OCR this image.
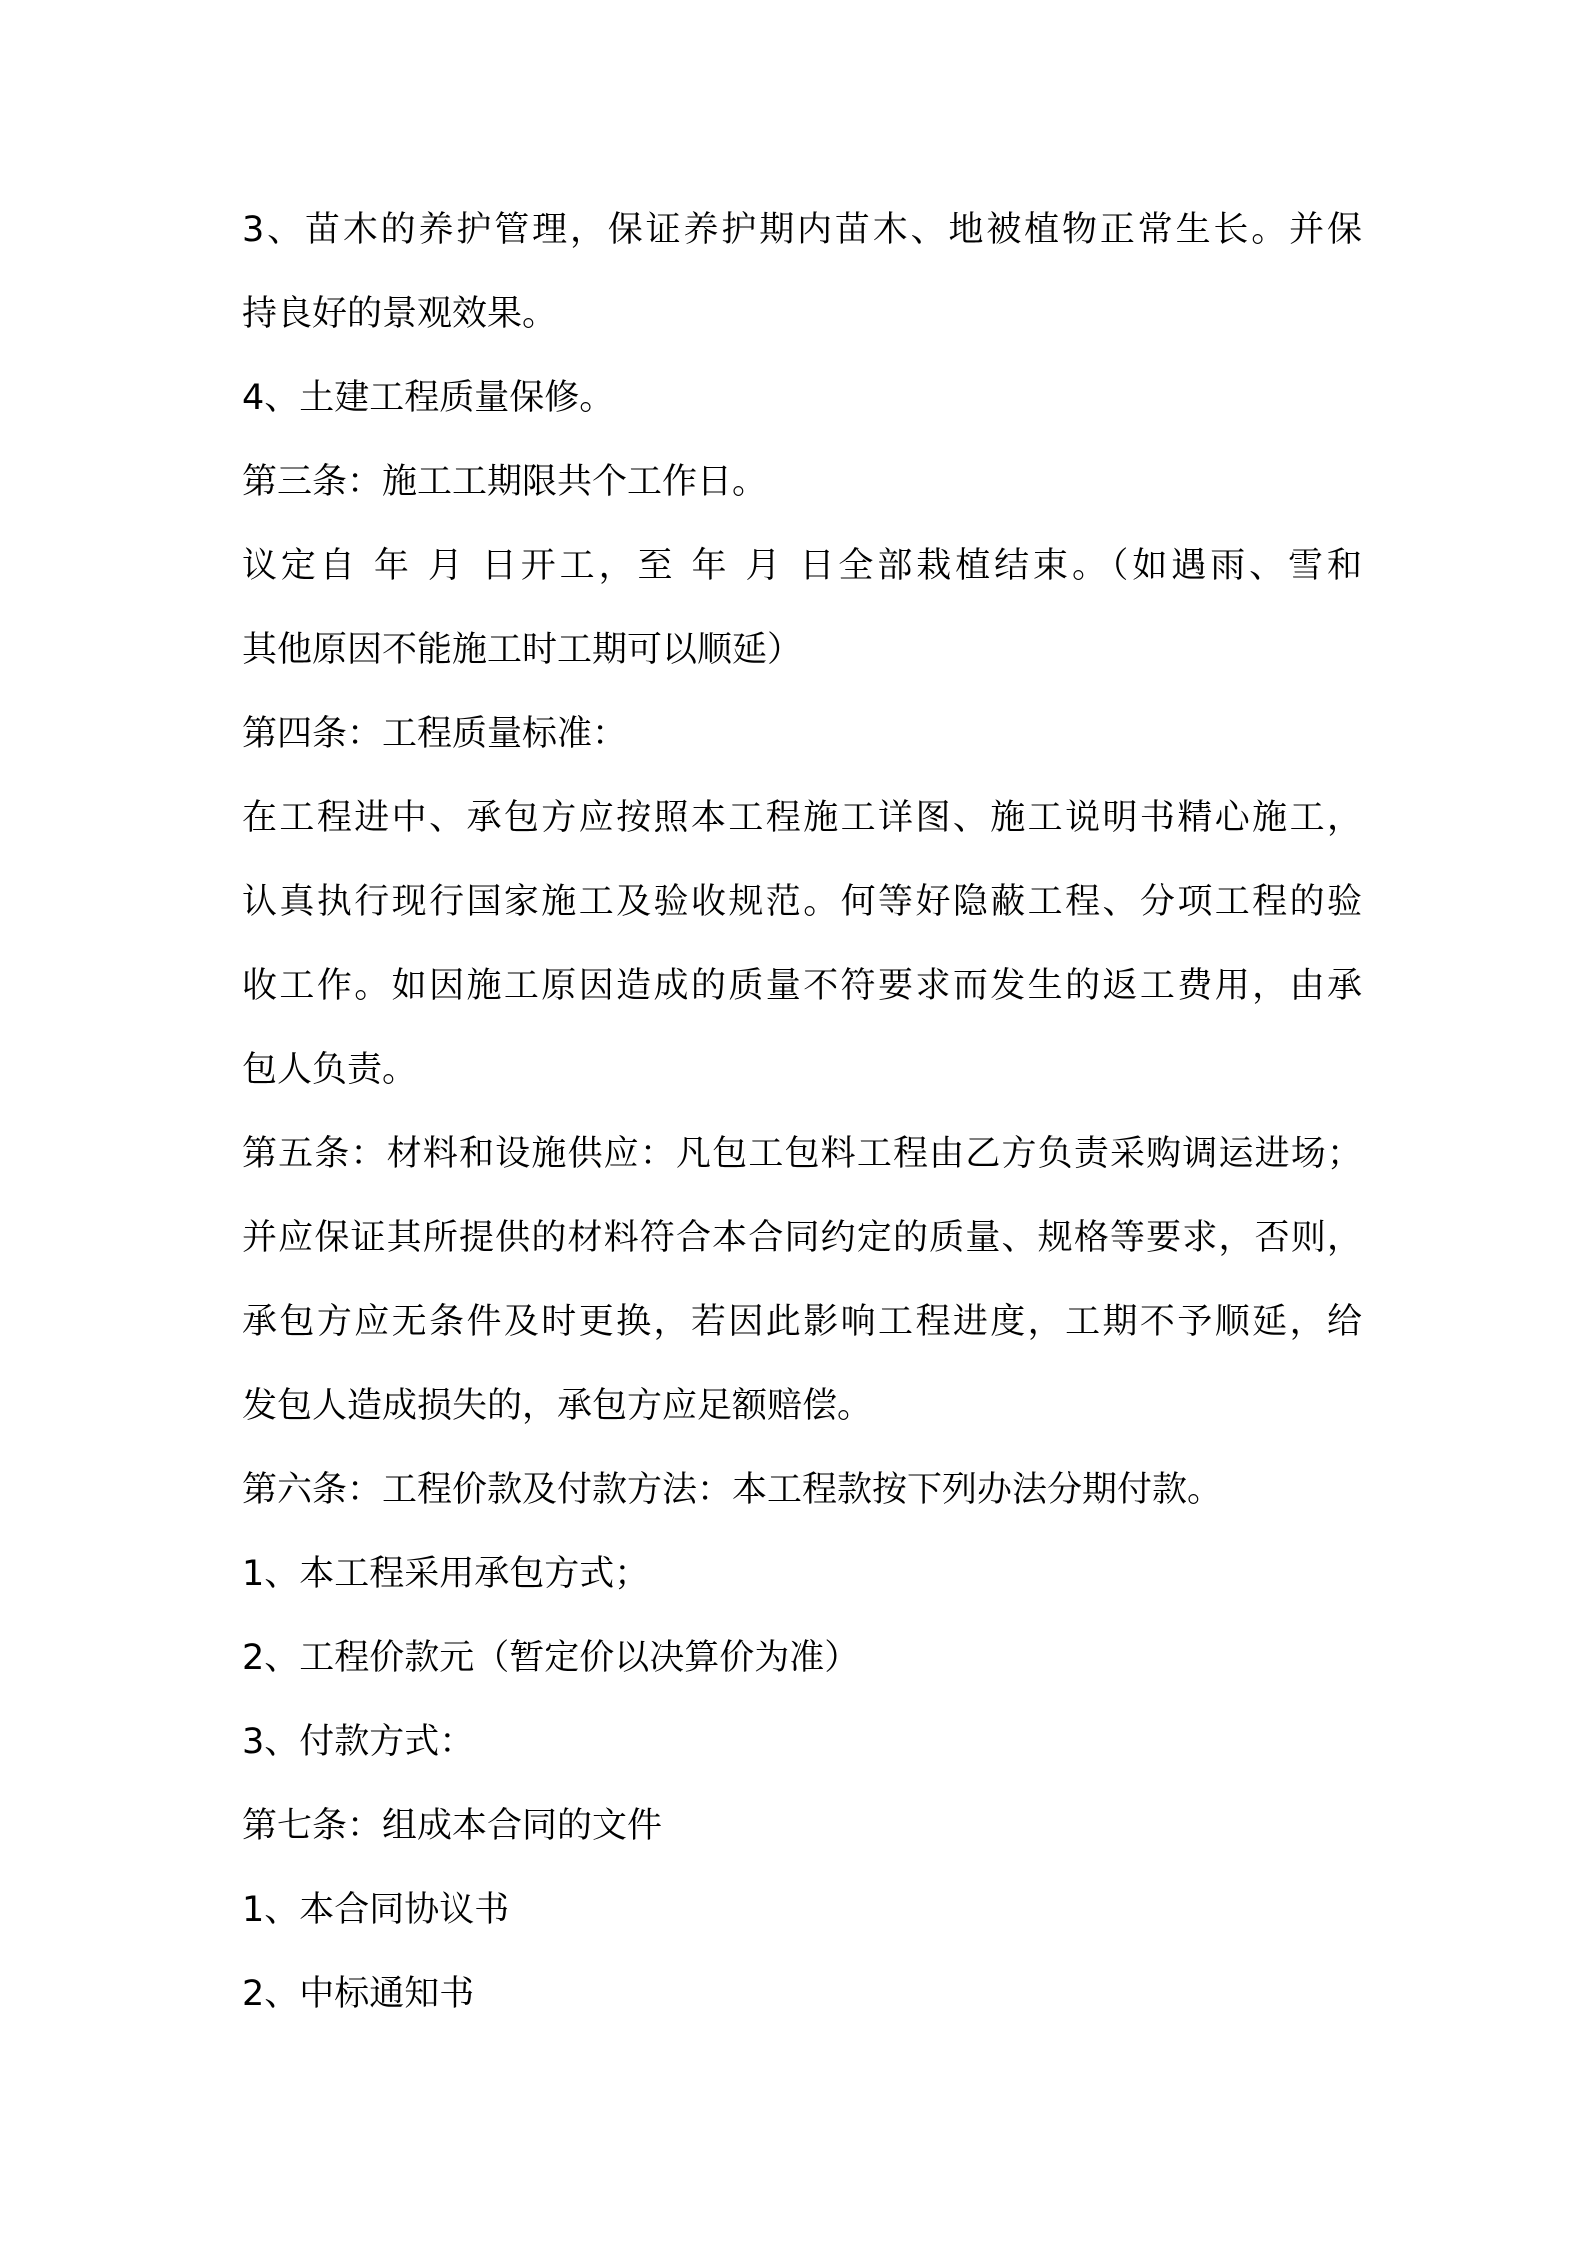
3、苗木的养护管理，保证养护期内苗木、地被植物正常生长。并保
持良好的景观效果。
4、土建工程质量保修。
第三条：施工工期限共个工作日。
议定自 年 月 日开工，至 年 月 日全部栽植结束。（如遇雨、雪和
其他原因不能施工时工期可以顺延）
第四条：工程质量标准：
在工程进中、承包方应按照本工程施工详图、施工说明书精心施工，
认真执行现行国家施工及验收规范。何等好隐蔽工程、分项工程的验
收工作。如因施工原因造成的质量不符要求而发生的返工费用，由承
包人负责。
第五条：材料和设施供应：凡包工包料工程由乙方负责采购调运进场；
并应保证其所提供的材料符合本合同约定的质量、规格等要求，否则，
承包方应无条件及时更换，若因此影响工程进度，工期不予顺延，给
发包人造成损失的，承包方应足额赔偿。
第六条：工程价款及付款方法：本工程款按下列办法分期付款。
1、本工程采用承包方式；
2、工程价款元（暂定价以决算价为准）
3、付款方式：
第七条：组成本合同的文件
1、本合同协议书
2、中标通知书
